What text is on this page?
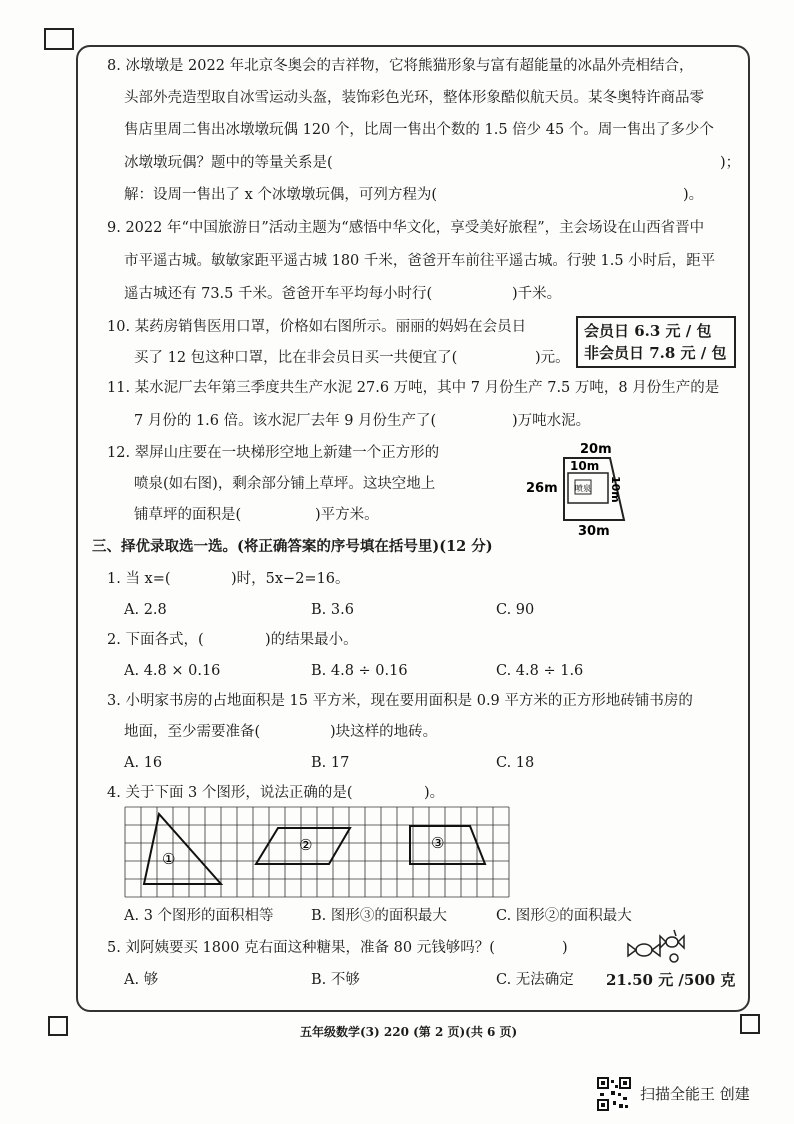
8. 冰墩墩是 2022 年北京冬奥会的吉祥物，它将熊猫形象与富有超能量的冰晶外壳相结合，
头部外壳造型取自冰雪运动头盔，装饰彩色光环，整体形象酷似航天员。某冬奥特许商品零
售店里周二售出冰墩墩玩偶 120 个，比周一售出个数的 1.5 倍少 45 个。周一售出了多少个
冰墩墩玩偶？题中的等量关系是(	)；
解：设周一售出了 x 个冰墩墩玩偶，可列方程为(	)。
9. 2022 年“中国旅游日”活动主题为“感悟中华文化，享受美好旅程”，主会场设在山西省晋中
市平遥古城。敏敏家距平遥古城 180 千米，爸爸开车前往平遥古城。行驶 1.5 小时后，距平
遥古城还有 73.5 千米。爸爸开车平均每小时行(	)千米。
10. 某药房销售医用口罩，价格如右图所示。丽丽的妈妈在会员日
买了 12 包这种口罩，比在非会员日买一共便宜了(	)元。
会员日 6.3 元 / 包
非会员日 7.8 元 / 包
11. 某水泥厂去年第三季度共生产水泥 27.6 万吨，其中 7 月份生产 7.5 万吨，8 月份生产的是
7 月份的 1.6 倍。该水泥厂去年 9 月份生产了(	)万吨水泥。
12. 翠屏山庄要在一块梯形空地上新建一个正方形的
喷泉(如右图)，剩余部分铺上草坪。这块空地上
铺草坪的面积是(	)平方米。
喷泉
20m
10m
10m
26m
30m
三、择优录取选一选。(将正确答案的序号填在括号里)(12 分)
1. 当 x=(	)时，5x−2=16。
A. 2.8	B. 3.6	C. 90
2. 下面各式，(	)的结果最小。
A. 4.8 × 0.16	B. 4.8 ÷ 0.16	C. 4.8 ÷ 1.6
3. 小明家书房的占地面积是 15 平方米，现在要用面积是 0.9 平方米的正方形地砖铺书房的
地面，至少需要准备(	)块这样的地砖。
A. 16	B. 17	C. 18
4. 关于下面 3 个图形，说法正确的是(	)。
①
②	③
A. 3 个图形的面积相等	B. 图形③的面积最大	C. 图形②的面积最大
5. 刘阿姨要买 1800 克右面这种糖果，准备 80 元钱够吗？(	)
A. 够	B. 不够	C. 无法确定 21.50 元 /500 克
五年级数学(3) 220 (第 2 页)(共 6 页)
扫描全能王 创建
